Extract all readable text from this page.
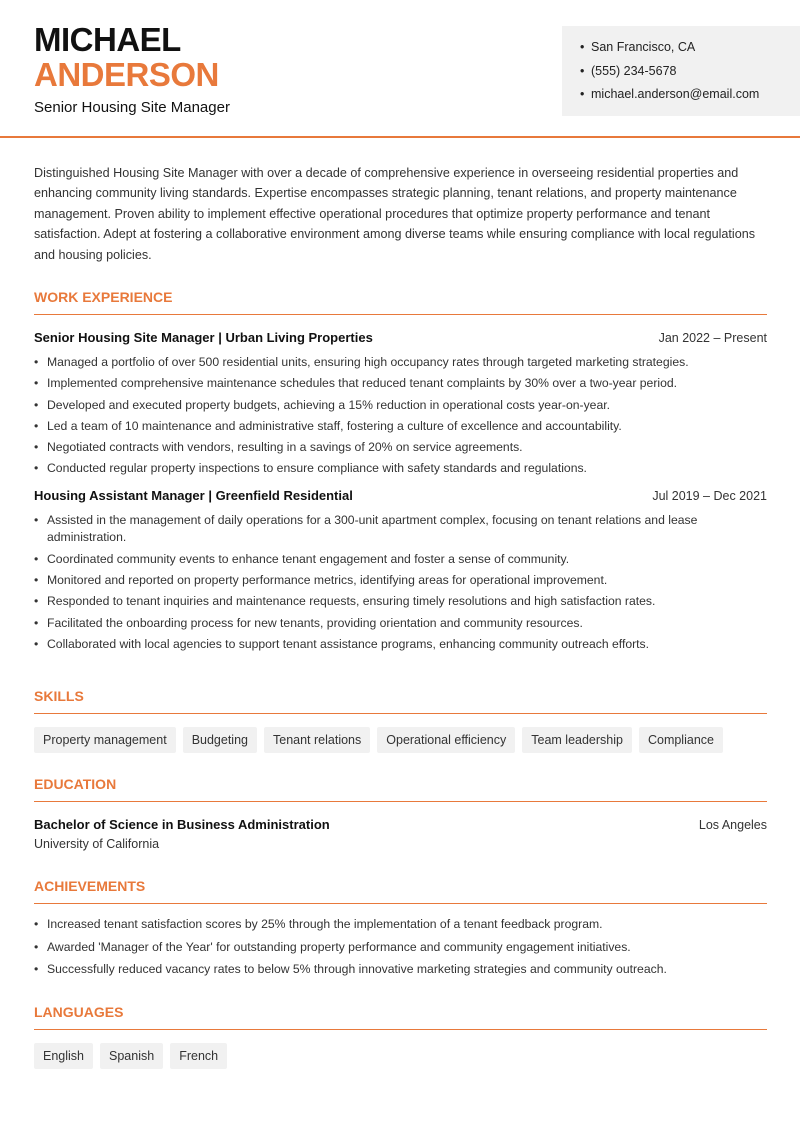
MICHAEL
ANDERSON
Senior Housing Site Manager
• San Francisco, CA
• (555) 234-5678
• michael.anderson@email.com

Distinguished Housing Site Manager with over a decade of comprehensive experience in overseeing residential properties and enhancing community living standards. Expertise encompasses strategic planning, tenant relations, and property maintenance management. Proven ability to implement effective operational procedures that optimize property performance and tenant satisfaction. Adept at fostering a collaborative environment among diverse teams while ensuring compliance with local regulations and housing policies.

WORK EXPERIENCE
Senior Housing Site Manager | Urban Living Properties	Jan 2022 – Present
• Managed a portfolio of over 500 residential units, ensuring high occupancy rates through targeted marketing strategies.
• Implemented comprehensive maintenance schedules that reduced tenant complaints by 30% over a two-year period.
• Developed and executed property budgets, achieving a 15% reduction in operational costs year-on-year.
• Led a team of 10 maintenance and administrative staff, fostering a culture of excellence and accountability.
• Negotiated contracts with vendors, resulting in a savings of 20% on service agreements.
• Conducted regular property inspections to ensure compliance with safety standards and regulations.
Housing Assistant Manager | Greenfield Residential	Jul 2019 – Dec 2021
• Assisted in the management of daily operations for a 300-unit apartment complex, focusing on tenant relations and lease administration.
• Coordinated community events to enhance tenant engagement and foster a sense of community.
• Monitored and reported on property performance metrics, identifying areas for operational improvement.
• Responded to tenant inquiries and maintenance requests, ensuring timely resolutions and high satisfaction rates.
• Facilitated the onboarding process for new tenants, providing orientation and community resources.
• Collaborated with local agencies to support tenant assistance programs, enhancing community outreach efforts.
SKILLS
Property management	Budgeting	Tenant relations	Operational efficiency	Team leadership	Compliance
EDUCATION
Bachelor of Science in Business Administration	Los Angeles
University of California
ACHIEVEMENTS
• Increased tenant satisfaction scores by 25% through the implementation of a tenant feedback program.
• Awarded 'Manager of the Year' for outstanding property performance and community engagement initiatives.
• Successfully reduced vacancy rates to below 5% through innovative marketing strategies and community outreach.
LANGUAGES
English	Spanish	French
